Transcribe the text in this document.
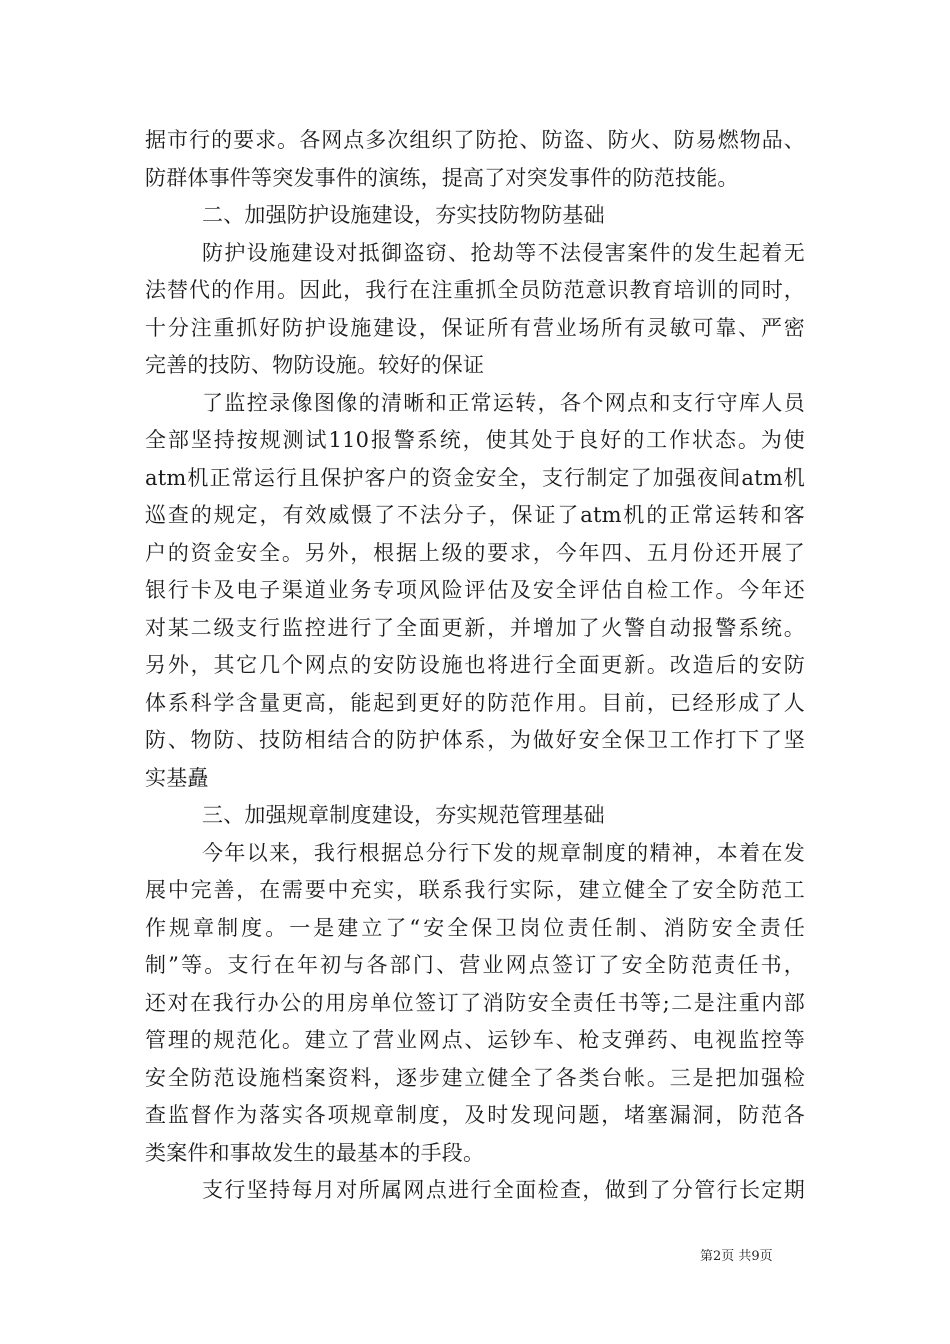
据市行的要求。各网点多次组织了防抢、防盗、防火、防易燃物品、
防群体事件等突发事件的演练，提高了对突发事件的防范技能。
二、加强防护设施建设，夯实技防物防基础
防护设施建设对抵御盗窃、抢劫等不法侵害案件的发生起着无
法替代的作用。因此，我行在注重抓全员防范意识教育培训的同时，
十分注重抓好防护设施建设，保证所有营业场所有灵敏可靠、严密
完善的技防、物防设施。较好的保证
了监控录像图像的清晰和正常运转，各个网点和支行守库人员
全部坚持按规测试110报警系统，使其处于良好的工作状态。为使
atm机正常运行且保护客户的资金安全，支行制定了加强夜间atm机
巡查的规定，有效威慑了不法分子，保证了atm机的正常运转和客
户的资金安全。另外，根据上级的要求，今年四、五月份还开展了
银行卡及电子渠道业务专项风险评估及安全评估自检工作。今年还
对某二级支行监控进行了全面更新，并增加了火警自动报警系统。
另外，其它几个网点的安防设施也将进行全面更新。改造后的安防
体系科学含量更高，能起到更好的防范作用。目前，已经形成了人
防、物防、技防相结合的防护体系，为做好安全保卫工作打下了坚
实基矗
三、加强规章制度建设，夯实规范管理基础
今年以来，我行根据总分行下发的规章制度的精神，本着在发
展中完善，在需要中充实，联系我行实际，建立健全了安全防范工
作规章制度。一是建立了“安全保卫岗位责任制、消防安全责任
制”等。支行在年初与各部门、营业网点签订了安全防范责任书，
还对在我行办公的用房单位签订了消防安全责任书等;二是注重内部
管理的规范化。建立了营业网点、运钞车、枪支弹药、电视监控等
安全防范设施档案资料，逐步建立健全了各类台帐。三是把加强检
查监督作为落实各项规章制度，及时发现问题，堵塞漏洞，防范各
类案件和事故发生的最基本的手段。
支行坚持每月对所属网点进行全面检查，做到了分管行长定期
第2页 共9页
